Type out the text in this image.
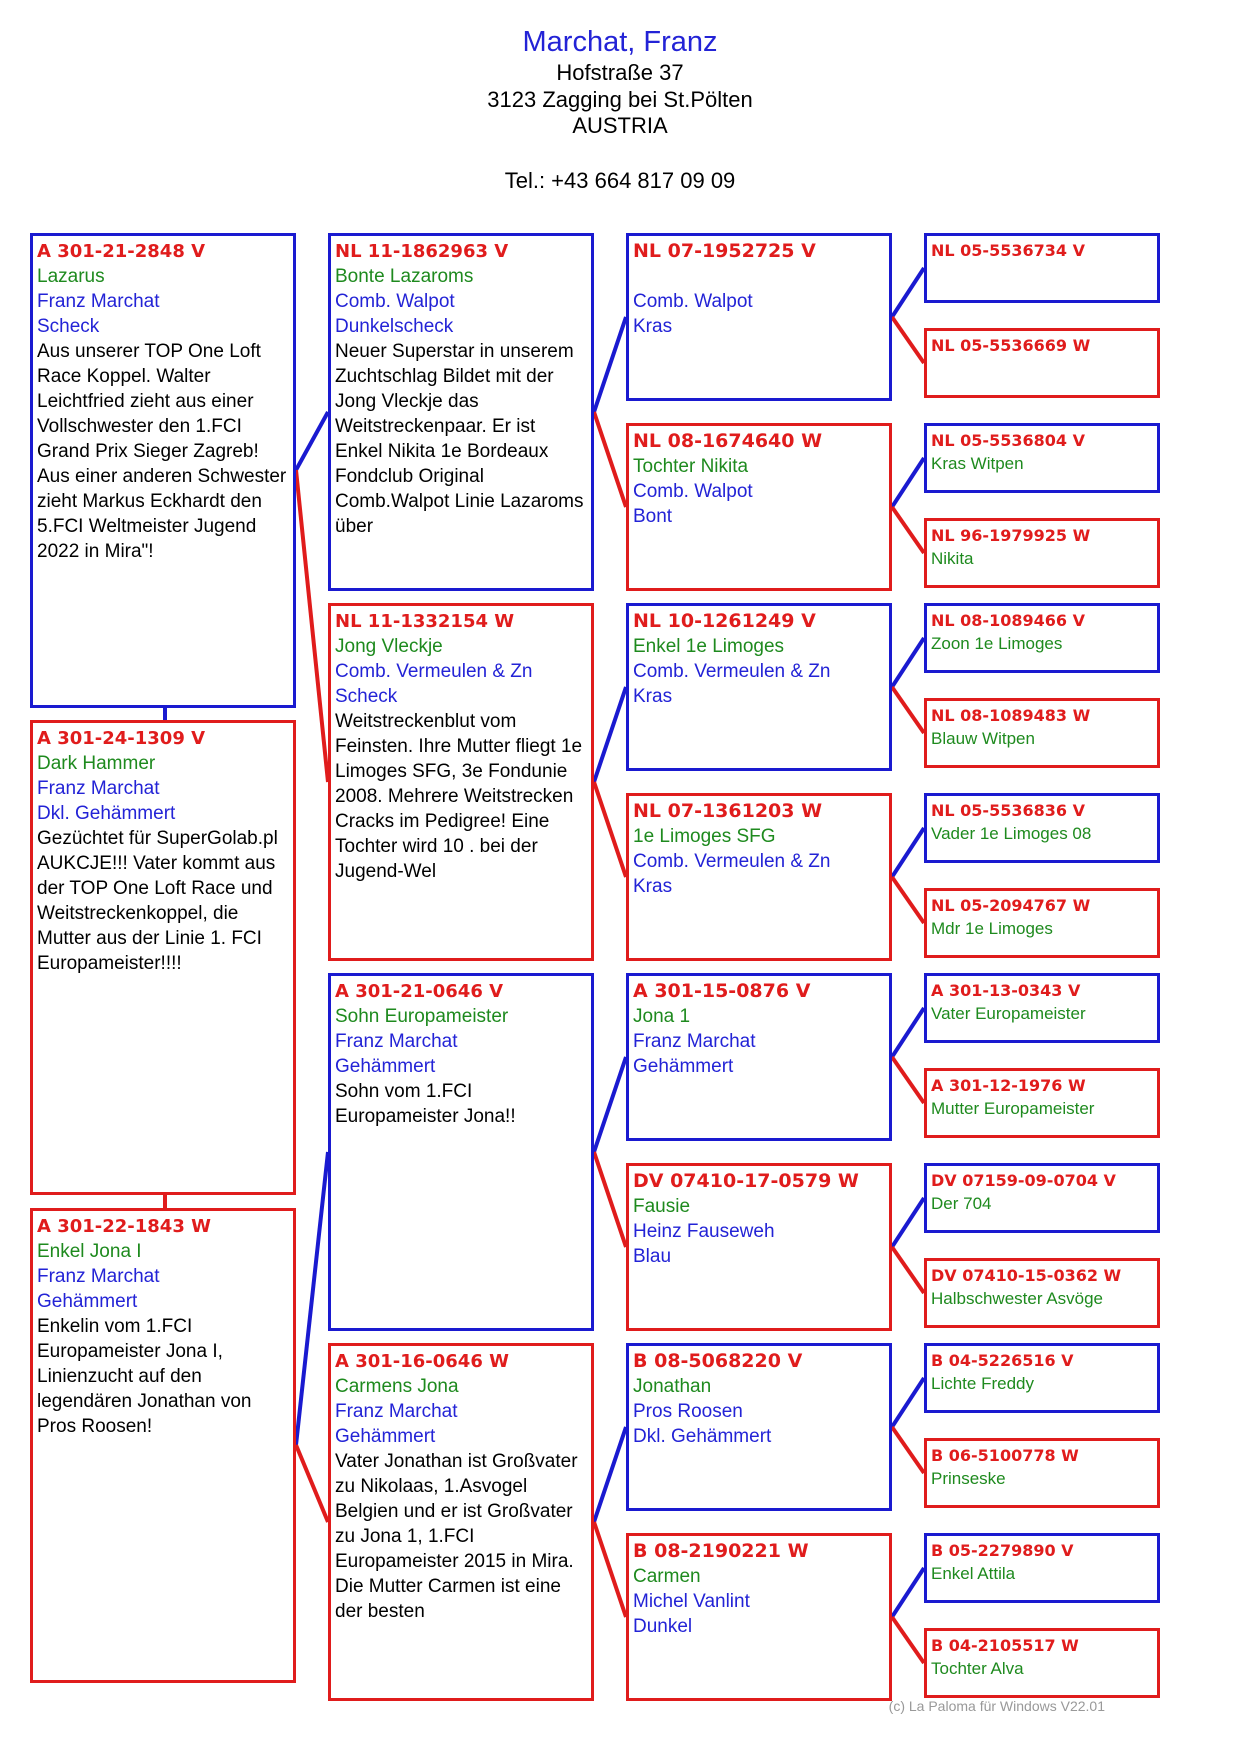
Marchat, Franz
Hofstraße 37
3123 Zagging bei St.Pölten
AUSTRIA
Tel.: +43 664 817 09 09
A 301-21-2848 V
Lazarus
Franz Marchat
Scheck
Aus unserer TOP One Loft Race Koppel. Walter Leichtfried zieht aus einer Vollschwester den 1.FCI Grand Prix Sieger Zagreb! Aus einer anderen Schwester zieht Markus Eckhardt den 5.FCI Weltmeister Jugend 2022 in Mira"!
A 301-24-1309 V
Dark Hammer
Franz Marchat
Dkl. Gehämmert
Gezüchtet für SuperGolab.pl AUKCJE!!! Vater kommt aus der TOP One Loft Race und Weitstreckenkoppel, die Mutter aus der Linie 1. FCI Europameister!!!!
A 301-22-1843 W
Enkel Jona I
Franz Marchat
Gehämmert
Enkelin vom 1.FCI Europameister Jona I, Linienzucht auf den legendären Jonathan von Pros Roosen!
NL 11-1862963 V
Bonte Lazaroms
Comb. Walpot
Dunkelscheck
Neuer Superstar in unserem Zuchtschlag Bildet mit der Jong Vleckje das Weitstreckenpaar. Er ist Enkel Nikita 1e Bordeaux Fondclub Original Comb.Walpot Linie Lazaroms über
NL 11-1332154 W
Jong Vleckje
Comb. Vermeulen & Zn
Scheck
Weitstreckenblut vom Feinsten. Ihre Mutter fliegt 1e Limoges SFG, 3e Fondunie 2008. Mehrere Weitstrecken Cracks im Pedigree! Eine Tochter wird 10 . bei der Jugend-Wel
A 301-21-0646 V
Sohn Europameister
Franz Marchat
Gehämmert
Sohn vom 1.FCI Europameister Jona!!
A 301-16-0646 W
Carmens Jona
Franz Marchat
Gehämmert
Vater Jonathan ist Großvater zu Nikolaas, 1.Asvogel Belgien und er ist Großvater zu Jona 1, 1.FCI Europameister 2015 in Mira. Die Mutter Carmen ist eine der besten
NL 07-1952725 V

Comb. Walpot
Kras
NL 08-1674640 W
Tochter Nikita
Comb. Walpot
Bont
NL 10-1261249 V
Enkel 1e Limoges
Comb. Vermeulen & Zn
Kras
NL 07-1361203 W
1e Limoges SFG
Comb. Vermeulen & Zn
Kras
A 301-15-0876 V
Jona 1
Franz Marchat
Gehämmert
DV 07410-17-0579 W
Fausie
Heinz Fauseweh
Blau
B 08-5068220 V
Jonathan
Pros Roosen
Dkl. Gehämmert
B 08-2190221 W
Carmen
Michel Vanlint
Dunkel
NL 05-5536734 V
NL 05-5536669 W
NL 05-5536804 V
Kras Witpen
NL 96-1979925 W
Nikita
NL 08-1089466 V
Zoon 1e Limoges
NL 08-1089483 W
Blauw Witpen
NL 05-5536836 V
Vader 1e Limoges 08
NL 05-2094767 W
Mdr 1e Limoges
A 301-13-0343 V
Vater Europameister
A 301-12-1976 W
Mutter Europameister
DV 07159-09-0704 V
Der 704
DV 07410-15-0362 W
Halbschwester Asvöge
B 04-5226516 V
Lichte Freddy
B 06-5100778 W
Prinseske
B 05-2279890 V
Enkel Attila
B 04-2105517 W
Tochter Alva
(c) La Paloma für Windows V22.01
